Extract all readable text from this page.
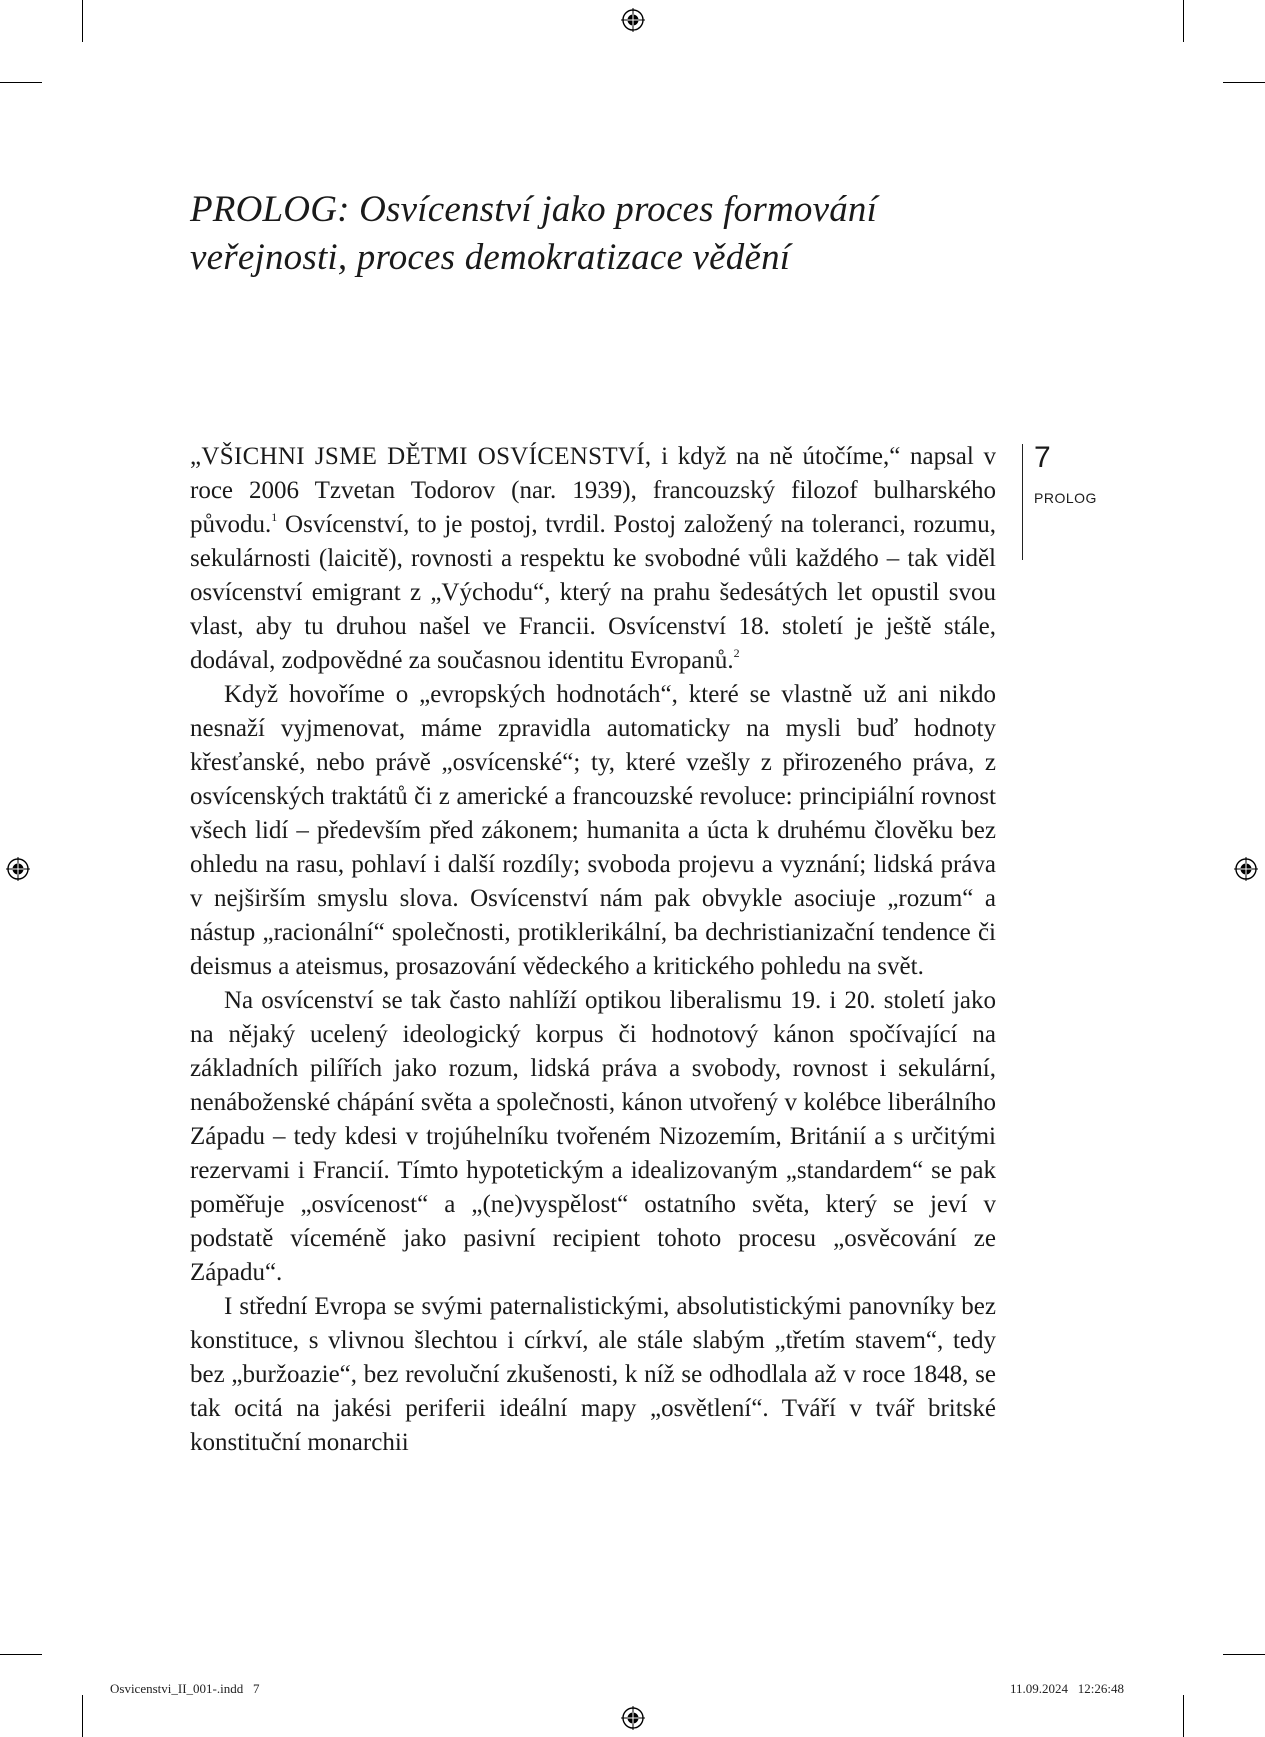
PROLOG: Osvícenství jako proces formování
veřejnosti, proces demokratizace vědění
7
PROLOG

„VŠICHNI JSME DĚTMI OSVÍCENSTVÍ, i když na ně útočíme,“ napsal v roce 2006 Tzvetan Todorov (nar. 1939), francouzský filozof bulharského původu.$^1$ Osvícenství, to je postoj, tvrdil. Postoj založený na toleranci, rozumu, sekulárnosti (laicitě), rovnosti a respektu ke svobodné vůli každého – tak viděl osvícenství emigrant z „Východu“, který na prahu šedesátých let opustil svou vlast, aby tu druhou našel ve Francii. Osvícenství 18. století je ještě stále, dodával, zodpovědné za současnou identitu Evropanů.$^2$

Když hovoříme o „evropských hodnotách“, které se vlastně už ani nikdo nesnaží vyjmenovat, máme zpravidla automaticky na mysli buď hodnoty křesťanské, nebo právě „osvícenské“; ty, které vzešly z přirozeného práva, z osvícenských traktátů či z americké a francouzské revoluce: principiální rovnost všech lidí – především před zákonem; humanita a úcta k druhému člověku bez ohledu na rasu, pohlaví i další rozdíly; svoboda projevu a vyznání; lidská práva v nejširším smyslu slova. Osvícenství nám pak obvykle asociuje „rozum“ a nástup „racionální“ společnosti, protiklerikální, ba dechristianizační tendence či deismus a ateismus, prosazování vědeckého a kritického pohledu na svět.

Na osvícenství se tak často nahlíží optikou liberalismu 19. i 20. století jako na nějaký ucelený ideologický korpus či hodnotový kánon spočívající na základních pilířích jako rozum, lidská práva a svobody, rovnost i sekulární, nenáboženské chápání světa a společnosti, kánon utvořený v kolébce liberálního Západu – tedy kdesi v trojúhelníku tvořeném Nizozemím, Británií a s určitými rezervami i Francií. Tímto hypotetickým a idealizovaným „standardem“ se pak poměřuje „osvícenost“ a „(ne)vyspělost“ ostatního světa, který se jeví v podstatě víceméně jako pasivní recipient tohoto procesu „osvěcování ze Západu“.

I střední Evropa se svými paternalistickými, absolutistickými panovníky bez konstituce, s vlivnou šlechtou i církví, ale stále slabým „třetím stavem“, tedy bez „buržoazie“, bez revoluční zkušenosti, k níž se odhodlala až v roce 1848, se tak ocitá na jakési periferii ideální mapy „osvětlení“. Tváří v tvář britské konstituční monarchii

Osvicenstvi_II_001-.indd   7	11.09.2024   12:26:48
